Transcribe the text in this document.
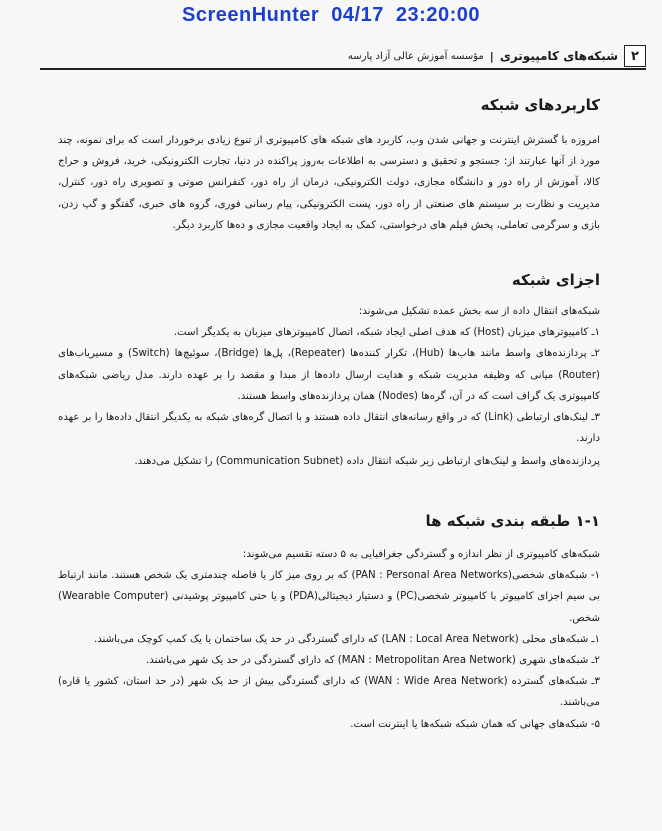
ScreenHunter  04/17  23:20:00
۲
شبکه‌های کامپیوتری
|
مؤسسه آموزش عالی آزاد پارسه
کاربردهای شبکه

امروزه با گسترش اینترنت و جهانی شدن وب، کاربرد های شبکه های کامپیوتری از تنوع زیادی برخوردار است که برای نمونه، چند مورد از آنها عبارتند از: جستجو و تحقیق و دسترسی به اطلاعات به‌روز پراکنده در دنیا، تجارت الکترونیکی، خرید، فروش و حراج کالا، آموزش از راه دور و دانشگاه مجازی، دولت الکترونیکی، درمان از راه دور، کنفرانس صوتی و تصویری راه دور، کنترل، مدیریت و نظارت بر سیستم های صنعتی از راه دور، پست الکترونیکی، پیام رسانی فوری، گروه های خبری، گفتگو و گپ زدن، بازی و سرگرمی تعاملی، پخش فیلم های درخواستی، کمک به ایجاد واقعیت مجازی و ده‌ها کاربرد دیگر.

اجزای شبکه

شبکه‌های انتقال داده از سه بخش عمده تشکیل می‌شوند:

۱ـ کامپیوترهای میزبان (Host) که هدف اصلی ایجاد شبکه، اتصال کامپیوترهای میزبان به یکدیگر است.

۲ـ پردازنده‌های واسط مانند هاب‌ها (Hub)، تکرار کننده‌ها (Repeater)، پل‌ها (Bridge)، سوئیچ‌ها (Switch) و مسیریاب‌های (Router) میانی که وظیفه مدیریت شبکه و هدایت ارسال داده‌ها از مبدا و مقصد را بر عهده دارند. مدل ریاضی شبکه‌های کامپیوتری یک گراف است که در آن، گره‌ها (Nodes) همان پردازنده‌های واسط هستند.

۳ـ لینک‌های ارتباطی (Link) که در واقع رسانه‌های انتقال داده هستند و با اتصال گره‌های شبکه به یکدیگر انتقال داده‌ها را بر عهده دارند.

پردازنده‌های واسط و لینک‌های ارتباطی زیر شبکه انتقال داده (Communication Subnet) را تشکیل می‌دهند.

۱-۱ طبقه بندی شبکه ها

شبکه‌های کامپیوتری از نظر اندازه و گستردگی جغرافیایی به ۵ دسته تقسیم می‌شوند:

۱- شبکه‌های شخصی(PAN : Personal Area Networks) که بر روی میز کار یا فاصله چندمتری یک شخص هستند. مانند ارتباط بی سیم اجزای کامپیوتر با کامپیوتر شخصی(PC) و دستیار دیجیتالی(PDA) و یا حتی کامپیوتر پوشیدنی (Wearable Computer) شخص.

۱ـ شبکه‌های محلی (LAN : Local Area Network) که دارای گستردگی در حد یک ساختمان یا یک کمپ کوچک می‌باشند.

۲ـ شبکه‌های شهری (MAN : Metropolitan Area Network) که دارای گستردگی در حد یک شهر می‌باشند.

۳ـ شبکه‌های گسترده (WAN : Wide Area Network) که دارای گستردگی بیش از حد یک شهر (در حد استان، کشور یا قاره) می‌باشند.

۵- شبکه‌های جهانی که همان شبکه شبکه‌ها یا اینترنت است.
